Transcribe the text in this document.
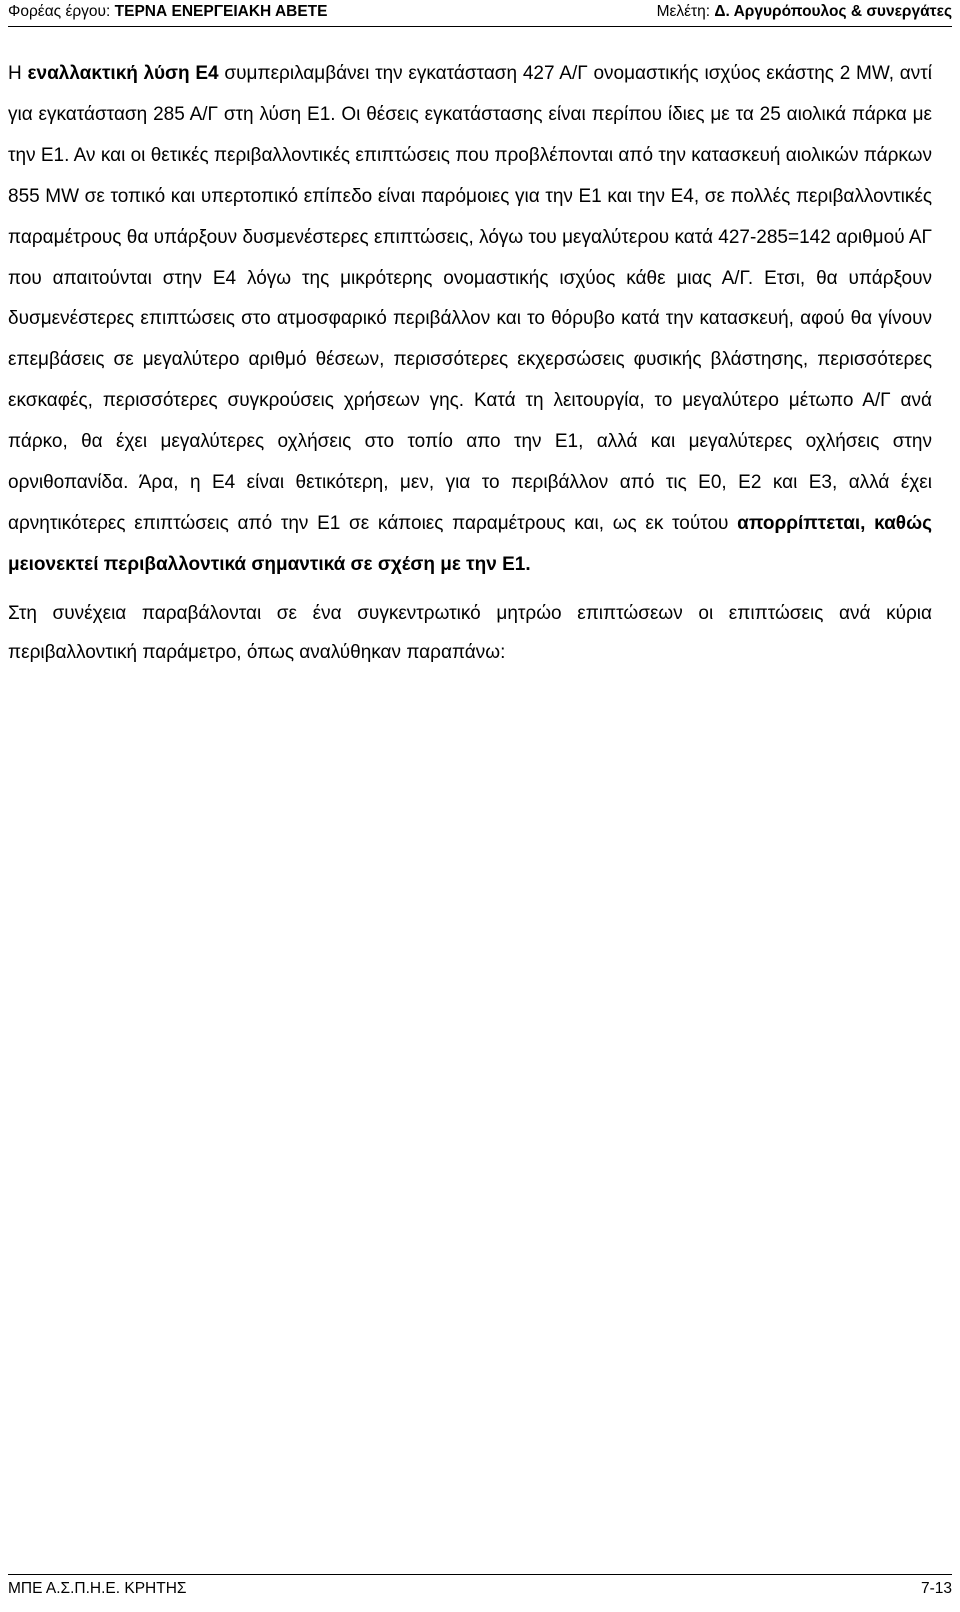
Φορέας έργου: ΤΕΡΝΑ ΕΝΕΡΓΕΙΑΚΗ ΑΒΕΤΕ	Μελέτη: Δ. Αργυρόπουλος & συνεργάτες

Η εναλλακτική λύση Ε4 συμπεριλαμβάνει την εγκατάσταση 427 Α/Γ ονομαστικής ισχύος εκάστης 2 MW, αντί για εγκατάσταση 285 Α/Γ στη λύση Ε1. Οι θέσεις εγκατάστασης είναι περίπου ίδιες με τα 25 αιολικά πάρκα με την Ε1. Αν και οι θετικές περιβαλλοντικές επιπτώσεις που προβλέπονται από την κατασκευή αιολικών πάρκων 855 MW σε τοπικό και υπερτοπικό επίπεδο είναι παρόμοιες για την Ε1 και την Ε4, σε πολλές περιβαλλοντικές παραμέτρους θα υπάρξουν δυσμενέστερες επιπτώσεις, λόγω του μεγαλύτερου κατά 427-285=142 αριθμού ΑΓ που απαιτούνται στην Ε4 λόγω της μικρότερης ονομαστικής ισχύος κάθε μιας Α/Γ. Ετσι, θα υπάρξουν δυσμενέστερες επιπτώσεις στο ατμοσφαρικό περιβάλλον και το θόρυβο κατά την κατασκευή, αφού θα γίνουν επεμβάσεις σε μεγαλύτερο αριθμό θέσεων, περισσότερες εκχερσώσεις φυσικής βλάστησης, περισσότερες εκσκαφές, περισσότερες συγκρούσεις χρήσεων γης. Κατά τη λειτουργία, το μεγαλύτερο μέτωπο Α/Γ ανά πάρκο, θα έχει μεγαλύτερες οχλήσεις στο τοπίο απο την Ε1, αλλά και μεγαλύτερες οχλήσεις στην ορνιθοπανίδα. Άρα, η Ε4 είναι θετικότερη, μεν, για το περιβάλλον από τις Ε0, Ε2 και Ε3, αλλά έχει αρνητικότερες επιπτώσεις από την Ε1 σε κάποιες παραμέτρους και, ως εκ τούτου απορρίπτεται, καθώς μειονεκτεί περιβαλλοντικά σημαντικά σε σχέση με την Ε1.

Στη συνέχεια παραβάλονται σε ένα συγκεντρωτικό μητρώο επιπτώσεων οι επιπτώσεις ανά κύρια περιβαλλοντική παράμετρο, όπως αναλύθηκαν παραπάνω:

ΜΠΕ Α.Σ.Π.Η.Ε. ΚΡΗΤΗΣ	7-13
